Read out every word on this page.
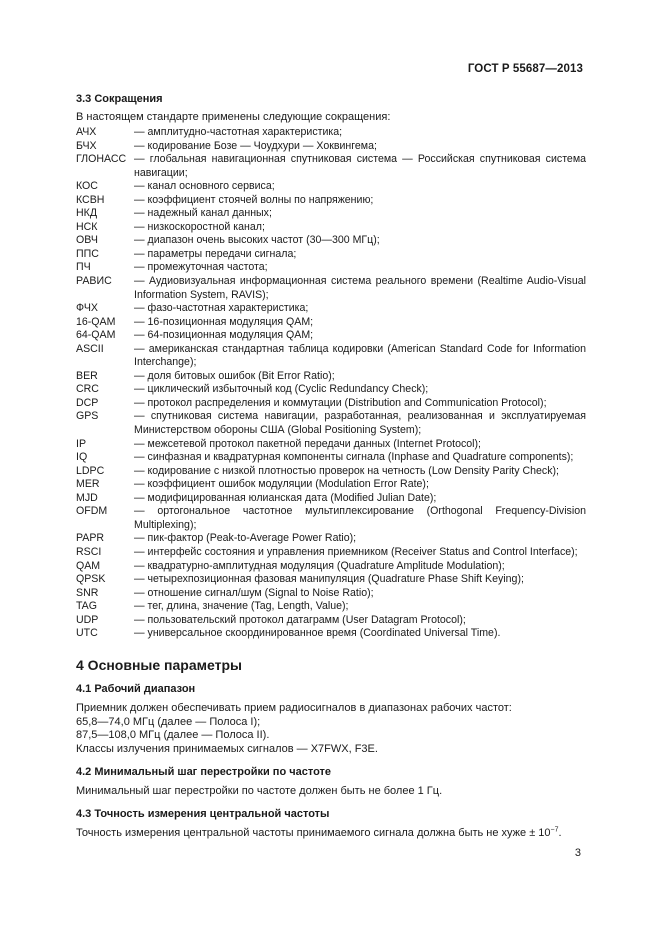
ГОСТ Р 55687—2013
3.3 Сокращения
В настоящем стандарте применены следующие сокращения:
АЧХ	— амплитудно-частотная характеристика;
БЧХ	— кодирование Бозе — Чоудхури — Хоквингема;
ГЛОНАСС — глобальная навигационная спутниковая система — Российская спутниковая система навигации;
КОС	— канал основного сервиса;
КСВН	— коэффициент стоячей волны по напряжению;
НКД	— надежный канал данных;
НСК	— низкоскоростной канал;
ОВЧ	— диапазон очень высоких частот (30—300 МГц);
ППС	— параметры передачи сигнала;
ПЧ	— промежуточная частота;
РАВИС	— Аудиовизуальная информационная система реального времени (Realtime Audio-Visual Information System, RAVIS);
ФЧХ	— фазо-частотная характеристика;
16-QAM	— 16-позиционная модуляция QAM;
64-QAM	— 64-позиционная модуляция QAM;
ASCII	— американская стандартная таблица кодировки (American Standard Code for Information Interchange);
BER	— доля битовых ошибок (Bit Error Ratio);
CRC	— циклический избыточный код (Cyclic Redundancy Check);
DCP	— протокол распределения и коммутации (Distribution and Communication Protocol);
GPS	— спутниковая система навигации, разработанная, реализованная и эксплуатируемая Министерством обороны США (Global Positioning System);
IP	— межсетевой протокол пакетной передачи данных (Internet Protocol);
IQ	— синфазная и квадратурная компоненты сигнала (Inphase and Quadrature components);
LDPC	— кодирование с низкой плотностью проверок на четность (Low Density Parity Check);
MER	— коэффициент ошибок модуляции (Modulation Error Rate);
MJD	— модифицированная юлианская дата (Modified Julian Date);
OFDM	— ортогональное частотное мультиплексирование (Orthogonal Frequency-Division Multiplexing);
PAPR	— пик-фактор (Peak-to-Average Power Ratio);
RSCI	— интерфейс состояния и управления приемником (Receiver Status and Control Interface);
QAM	— квадратурно-амплитудная модуляция (Quadrature Amplitude Modulation);
QPSK	— четырехпозиционная фазовая манипуляция (Quadrature Phase Shift Keying);
SNR	— отношение сигнал/шум (Signal to Noise Ratio);
TAG	— тег, длина, значение (Tag, Length, Value);
UDP	— пользовательский протокол датаграмм (User Datagram Protocol);
UTC	— универсальное скоординированное время (Coordinated Universal Time).
4 Основные параметры
4.1 Рабочий диапазон
Приемник должен обеспечивать прием радиосигналов в диапазонах рабочих частот:
65,8—74,0 МГц (далее — Полоса I);
87,5—108,0 МГц (далее — Полоса II).
Классы излучения принимаемых сигналов — X7FWX, F3E.
4.2 Минимальный шаг перестройки по частоте
Минимальный шаг перестройки по частоте должен быть не более 1 Гц.
4.3 Точность измерения центральной частоты
Точность измерения центральной частоты принимаемого сигнала должна быть не хуже ± $10^{-7}$.
3
